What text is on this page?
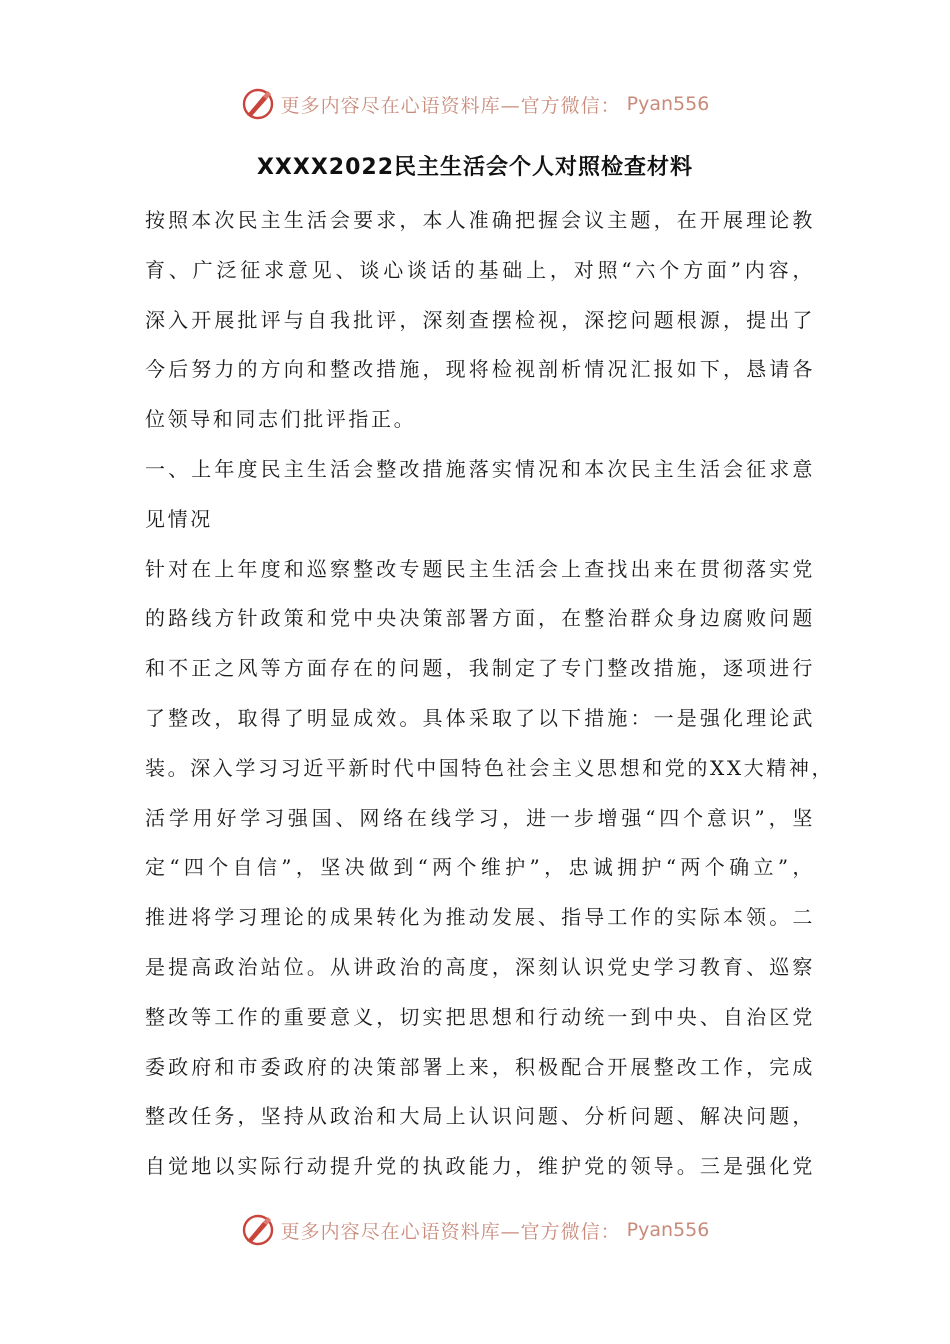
更多内容尽在心语资料库—官方微信： Pyan556
XXXX2022民主生活会个人对照检查材料
按照本次民主生活会要求，本人准确把握会议主题，在开展理论教
育、广泛征求意见、谈心谈话的基础上，对照“六个方面”内容，
深入开展批评与自我批评，深刻查摆检视，深挖问题根源，提出了
今后努力的方向和整改措施，现将检视剖析情况汇报如下，恳请各
位领导和同志们批评指正。
一、上年度民主生活会整改措施落实情况和本次民主生活会征求意
见情况
针对在上年度和巡察整改专题民主生活会上查找出来在贯彻落实党
的路线方针政策和党中央决策部署方面，在整治群众身边腐败问题
和不正之风等方面存在的问题，我制定了专门整改措施，逐项进行
了整改，取得了明显成效。具体采取了以下措施：一是强化理论武
装。深入学习习近平新时代中国特色社会主义思想和党的XX大精神，
活学用好学习强国、网络在线学习，进一步增强“四个意识”，坚
定“四个自信”，坚决做到“两个维护”，忠诚拥护“两个确立”，
推进将学习理论的成果转化为推动发展、指导工作的实际本领。二
是提高政治站位。从讲政治的高度，深刻认识党史学习教育、巡察
整改等工作的重要意义，切实把思想和行动统一到中央、自治区党
委政府和市委政府的决策部署上来，积极配合开展整改工作，完成
整改任务，坚持从政治和大局上认识问题、分析问题、解决问题，
自觉地以实际行动提升党的执政能力，维护党的领导。三是强化党
更多内容尽在心语资料库—官方微信： Pyan556
